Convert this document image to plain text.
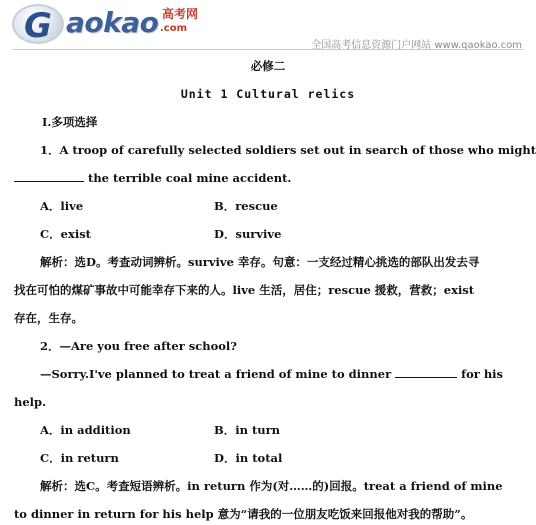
G aokao 高考网
.com
全国高考信息资源门户网站 www.gaokao.com
必修二
Unit 1 Cultural relics
Ⅰ.多项选择
1．A troop of carefully selected soldiers set out in search of those who might
the terrible coal mine accident.
A．live	B．rescue
C．exist	D．survive
解析：选D。考查动词辨析。survive 幸存。句意：一支经过精心挑选的部队出发去寻
找在可怕的煤矿事故中可能幸存下来的人。live 生活，居住；rescue 援救，营救；exist
存在，生存。
2．—Are you free after school?
—Sorry.I've planned to treat a friend of mine to dinner	for his
help.
A．in addition	B．in turn
C．in return	D．in total
解析：选C。考查短语辨析。in return 作为(对……的)回报。treat a friend of mine
to dinner in return for his help 意为“请我的一位朋友吃饭来回报他对我的帮助”。
